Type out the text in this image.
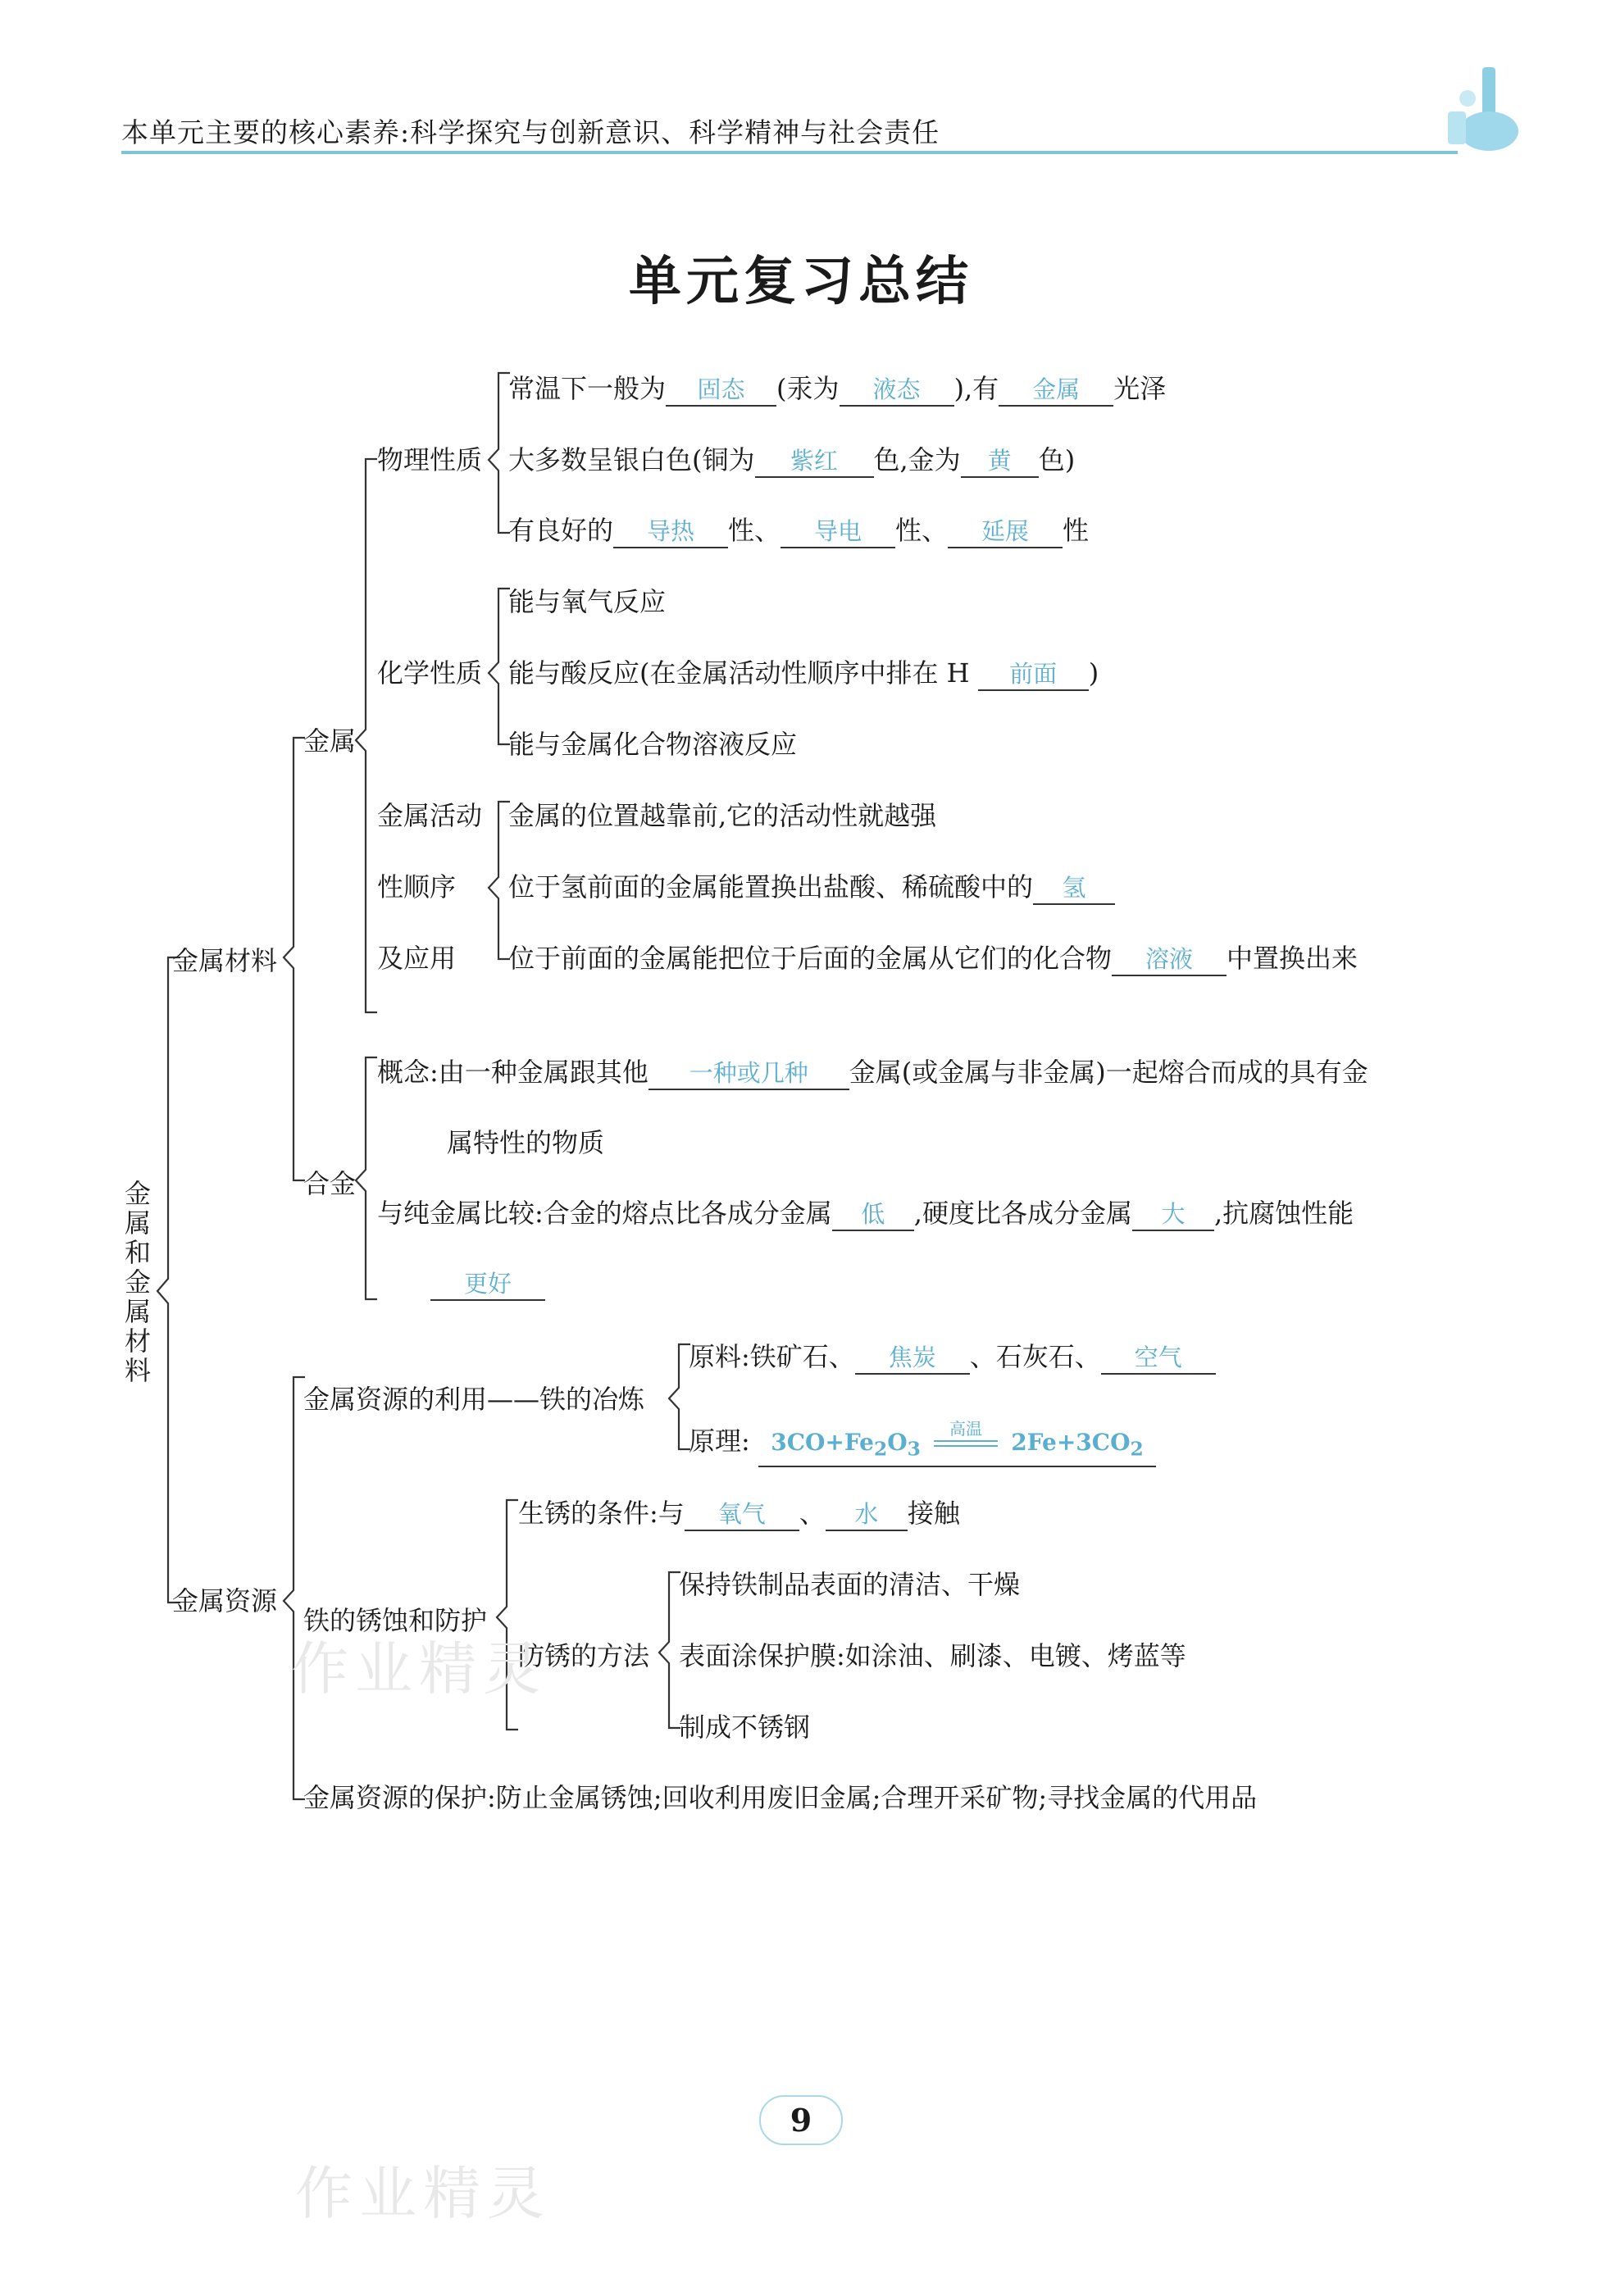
本单元主要的核心素养:科学探究与创新意识、科学精神与社会责任
单元复习总结
金属和金属材料
金属材料
金属资源
金属
物理性质
常温下一般为 固态 (汞为 液态 ),有 金属 光泽
大多数呈银白色(铜为 紫红 色,金为 黄 色)
有良好的 导热 性、 导电 性、 延展 性
化学性质
能与氧气反应
能与酸反应(在金属活动性顺序中排在 H 前面 )
能与金属化合物溶液反应
金属活动
性顺序
及应用
金属的位置越靠前,它的活动性就越强
位于氢前面的金属能置换出盐酸、稀硫酸中的 氢
位于前面的金属能把位于后面的金属从它们的化合物 溶液 中置换出来
合金
概念:由一种金属跟其他 一种或几种 金属(或金属与非金属)一起熔合而成的具有金
属特性的物质
与纯金属比较:合金的熔点比各成分金属 低 ,硬度比各成分金属 大 ,抗腐蚀性能
更好
金属资源的利用——铁的冶炼
原料:铁矿石、 焦炭 、石灰石、 空气
原理: $3CO+Fe_2O_3$
高温
$2Fe+3CO_2$
铁的锈蚀和防护
生锈的条件:与 氧气 、 水 接触
防锈的方法
保持铁制品表面的清洁、干燥
表面涂保护膜:如涂油、刷漆、电镀、烤蓝等
制成不锈钢
金属资源的保护:防止金属锈蚀;回收利用废旧金属;合理开采矿物;寻找金属的代用品
作业精灵
作业精灵
9
